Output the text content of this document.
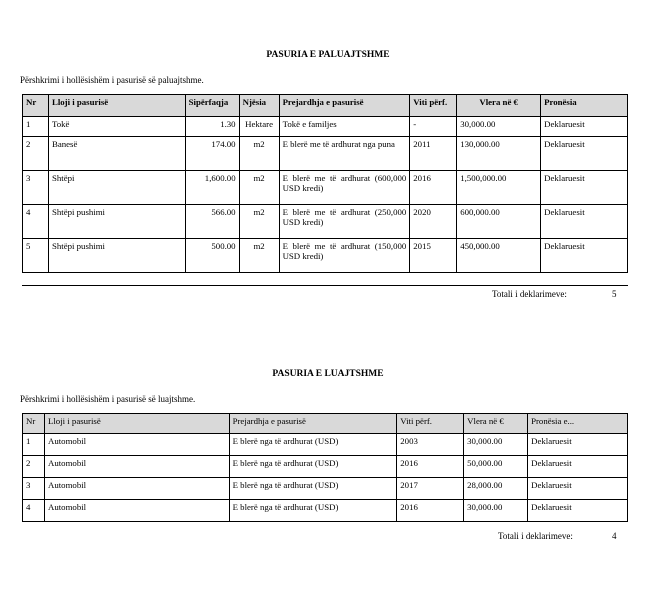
PASURIA E PALUAJTSHME
Përshkrimi i hollësishëm i pasurisë së paluajtshme.
Nr	Lloji i pasurisë	Sipërfaqja	Njësia	Prejardhja e pasurisë	Viti përf.	Vlera në €	Pronësia
1	Tokë	1.30	Hektare	Tokë e familjes	-	30,000.00	Deklaruesit
2	Banesë	174.00	m2	E blerë me të ardhurat nga puna	2011	130,000.00	Deklaruesit
3	Shtëpi	1,600.00	m2	E blerë me të ardhurat (600,000 USD kredi)	2016	1,500,000.00	Deklaruesit
4	Shtëpi pushimi	566.00	m2	E blerë me të ardhurat (250,000 USD kredi)	2020	600,000.00	Deklaruesit
5	Shtëpi pushimi	500.00	m2	E blerë me të ardhurat (150,000 USD kredi)	2015	450,000.00	Deklaruesit
Totali i deklarimeve:	5
PASURIA E LUAJTSHME
Përshkrimi i hollësishëm i pasurisë së luajtshme.
Nr	Lloji i pasurisë	Prejardhja e pasurisë	Viti përf.	Vlera në €	Pronësia e...
1	Automobil	E blerë nga të ardhurat (USD)	2003	30,000.00	Deklaruesit
2	Automobil	E blerë nga të ardhurat (USD)	2016	50,000.00	Deklaruesit
3	Automobil	E blerë nga të ardhurat (USD)	2017	28,000.00	Deklaruesit
4	Automobil	E blerë nga të ardhurat (USD)	2016	30,000.00	Deklaruesit
Totali i deklarimeve:	4
